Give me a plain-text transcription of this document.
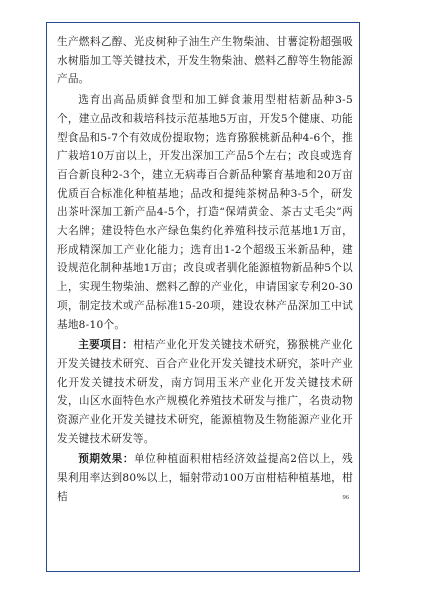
生产燃料乙醇、光皮树种子油生产生物柴油、甘薯淀粉超强吸水树脂加工等关键技术，开发生物柴油、燃料乙醇等生物能源产品。

选育出高品质鲜食型和加工鲜食兼用型柑桔新品种3-5个，建立品改和栽培科技示范基地5万亩，开发5个健康、功能型食品和5-7个有效成份提取物；选育猕猴桃新品种4-6个，推广栽培10万亩以上，开发出深加工产品5个左右；改良或选育百合新良种2-3个，建立无病毒百合新品种繁育基地和20万亩优质百合标准化种植基地；品改和提纯茶树品种3-5个，研发出茶叶深加工新产品4-5个，打造“保靖黄金、茶古丈毛尖”两大名牌；建设特色水产绿色集约化养殖科技示范基地1万亩，形成精深加工产业化能力；选育出1-2个超级玉米新品种，建设规范化制种基地1万亩；改良或者驯化能源植物新品种5个以上，实现生物柴油、燃料乙醇的产业化，申请国家专利20-30项，制定技术或产品标准15-20项，建设农林产品深加工中试基地8-10个。

主要项目：柑桔产业化开发关键技术研究，猕猴桃产业化开发关键技术研究、百合产业化开发关键技术研究，茶叶产业化开发关键技术研发，南方饲用玉米产业化开发关键技术研发，山区水面特色水产规模化养殖技术研发与推广，名贵动物资源产业化开发关键技术研究，能源植物及生物能源产业化开发关键技术研发等。

预期效果：单位种植面积柑桔经济效益提高2倍以上，残果利用率达到80%以上，辐射带动100万亩柑桔种植基地，柑桔	96
